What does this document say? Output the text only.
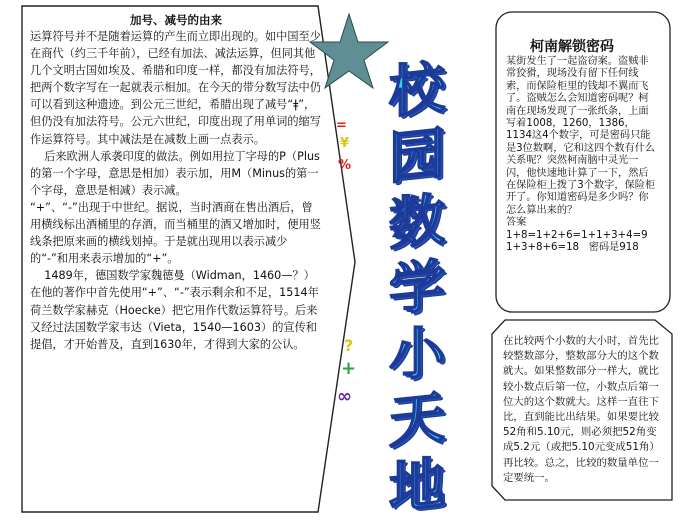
加号、减号的由来
运算符号并不是随着运算的产生而立即出现的。如中国至少在商代（约三千年前），已经有加法、减法运算，但同其他几个文明古国如埃及、希腊和印度一样，都没有加法符号，把两个数字写在一起就表示相加。在今天的带分数写法中仍可以看到这种遗迹。到公元三世纪，希腊出现了减号“ǂ”，但仍没有加法符号。公元六世纪，印度出现了用单词的缩写作运算符号。其中减法是在减数上画一点表示。
后来欧洲人承袭印度的做法。例如用拉丁字母的P（Plus的第一个字母，意思是相加）表示加，用M（Minus的第一个字母，意思是相减）表示减。
“+”、“-”出现于中世纪。据说，当时酒商在售出酒后，曾用横线标出酒桶里的存酒，而当桶里的酒又增加时，便用竖线条把原来画的横线划掉。于是就出现用以表示减少的“-”和用来表示增加的“+”。
1489年，德国数学家魏德曼（Widman，1460—？）在他的著作中首先使用“+”、“-”表示剩余和不足，1514年荷兰数学家赫克（Hoecke）把它用作代数运算符号。后来又经过法国数学家韦达（Vieta，1540—1603）的宣传和提倡，才开始普及，直到1630年，才得到大家的公认。
=
¥
%
校
园
数
学
小
天
地
?
+
∞
柯南解锁密码
某街发生了一起盗窃案。盗贼非常狡猾，现场没有留下任何线索，而保险柜里的钱却不翼而飞了。盗贼怎么会知道密码呢？柯南在现场发现了一张纸条，上面写着1008，1260，1386，1134这4个数字，可是密码只能是3位数啊，它和这四个数有什么关系呢？突然柯南脑中灵光一闪，他快速地计算了一下，然后在保险柜上拨了3个数字，保险柜开了。你知道密码是多少吗？你怎么算出来的？
答案 1+8=1+2+6=1+1+3+4=9
1+3+8+6=18   密码是918
在比较两个小数的大小时，首先比较整数部分，整数部分大的这个数就大。如果整数部分一样大，就比较小数点后第一位，小数点后第一位大的这个数就大。这样一直往下比，直到能比出结果。如果要比较52角和5.10元，则必须把52角变成5.2元（或把5.10元变成51角）再比较。总之，比较的数量单位一定要统一。
